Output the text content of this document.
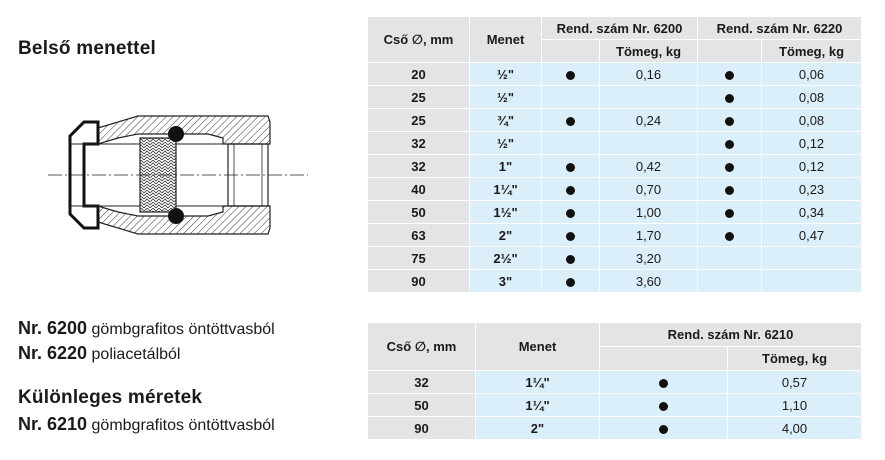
Belső menettel
Nr. 6200 gömbgrafitos öntöttvasból
Nr. 6220 poliacetálból
Különleges méretek
Nr. 6210 gömbgrafitos öntöttvasból
Cső ∅, mm	Menet	Rend. szám Nr. 6200		Rend. szám Nr. 6220	
			Tömeg, kg		Tömeg, kg
20	½"		0,16		0,06
25	½"				0,08
25	¾"		0,24		0,08
32	½"				0,12
32	1"		0,42		0,12
40	1¼"		0,70		0,23
50	1½"		1,00		0,34
63	2"		1,70		0,47
75	2½"		3,20		
90	3"		3,60		
Cső ∅, mm	Menet	Rend. szám Nr. 6210	
			Tömeg, kg
32	1¼"		0,57
50	1¼"		1,10
90	2"		4,00
